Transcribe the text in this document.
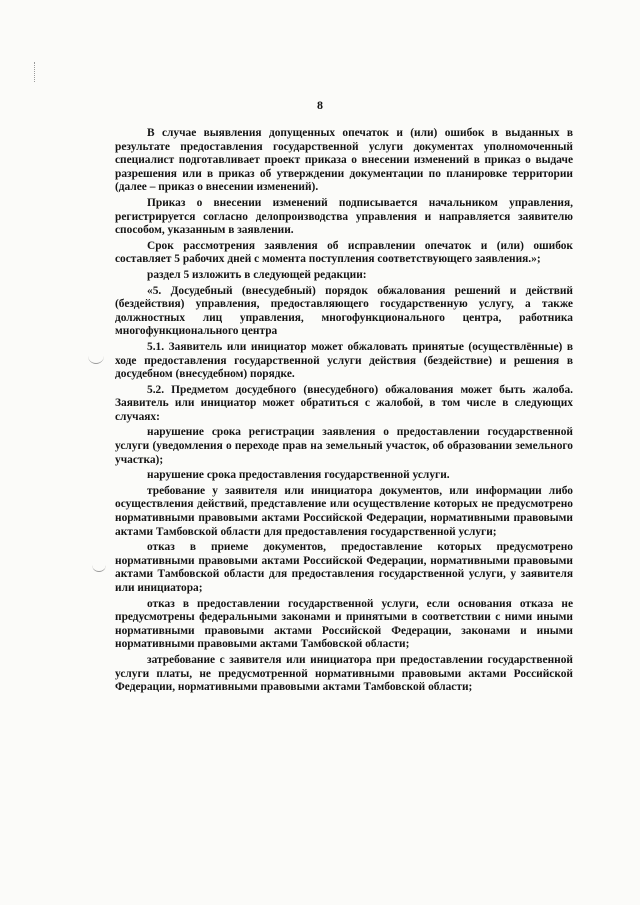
8

В случае выявления допущенных опечаток и (или) ошибок в выданных в результате предоставления государственной услуги документах уполномоченный специалист подготавливает проект приказа о внесении изменений в приказ о выдаче разрешения или в приказ об утверждении документации по планировке территории (далее – приказ о внесении изменений).

Приказ о внесении изменений подписывается начальником управления, регистрируется согласно делопроизводства управления и направляется заявителю способом, указанным в заявлении.

Срок рассмотрения заявления об исправлении опечаток и (или) ошибок составляет 5 рабочих дней с момента поступления соответствующего заявления.»;

раздел 5 изложить в следующей редакции:

«5. Досудебный (внесудебный) порядок обжалования решений и действий (бездействия) управления, предоставляющего государственную услугу, а также должностных лиц управления, многофункционального центра, работника многофункционального центра

5.1. Заявитель или инициатор может обжаловать принятые (осуществлённые) в ходе предоставления государственной услуги действия (бездействие) и решения в досудебном (внесудебном) порядке.

5.2. Предметом досудебного (внесудебного) обжалования может быть жалоба. Заявитель или инициатор может обратиться с жалобой, в том числе в следующих случаях:

нарушение срока регистрации заявления о предоставлении государственной услуги (уведомления о переходе прав на земельный участок, об образовании земельного участка);

нарушение срока предоставления государственной услуги.

требование у заявителя или инициатора документов, или информации либо осуществления действий, представление или осуществление которых не предусмотрено нормативными правовыми актами Российской Федерации, нормативными правовыми актами Тамбовской области для предоставления государственной услуги;

отказ в приеме документов, предоставление которых предусмотрено нормативными правовыми актами Российской Федерации, нормативными правовыми актами Тамбовской области для предоставления государственной услуги, у заявителя или инициатора;

отказ в предоставлении государственной услуги, если основания отказа не предусмотрены федеральными законами и принятыми в соответствии с ними иными нормативными правовыми актами Российской Федерации, законами и иными нормативными правовыми актами Тамбовской области;

затребование с заявителя или инициатора при предоставлении государственной услуги платы, не предусмотренной нормативными правовыми актами Российской Федерации, нормативными правовыми актами Тамбовской области;
